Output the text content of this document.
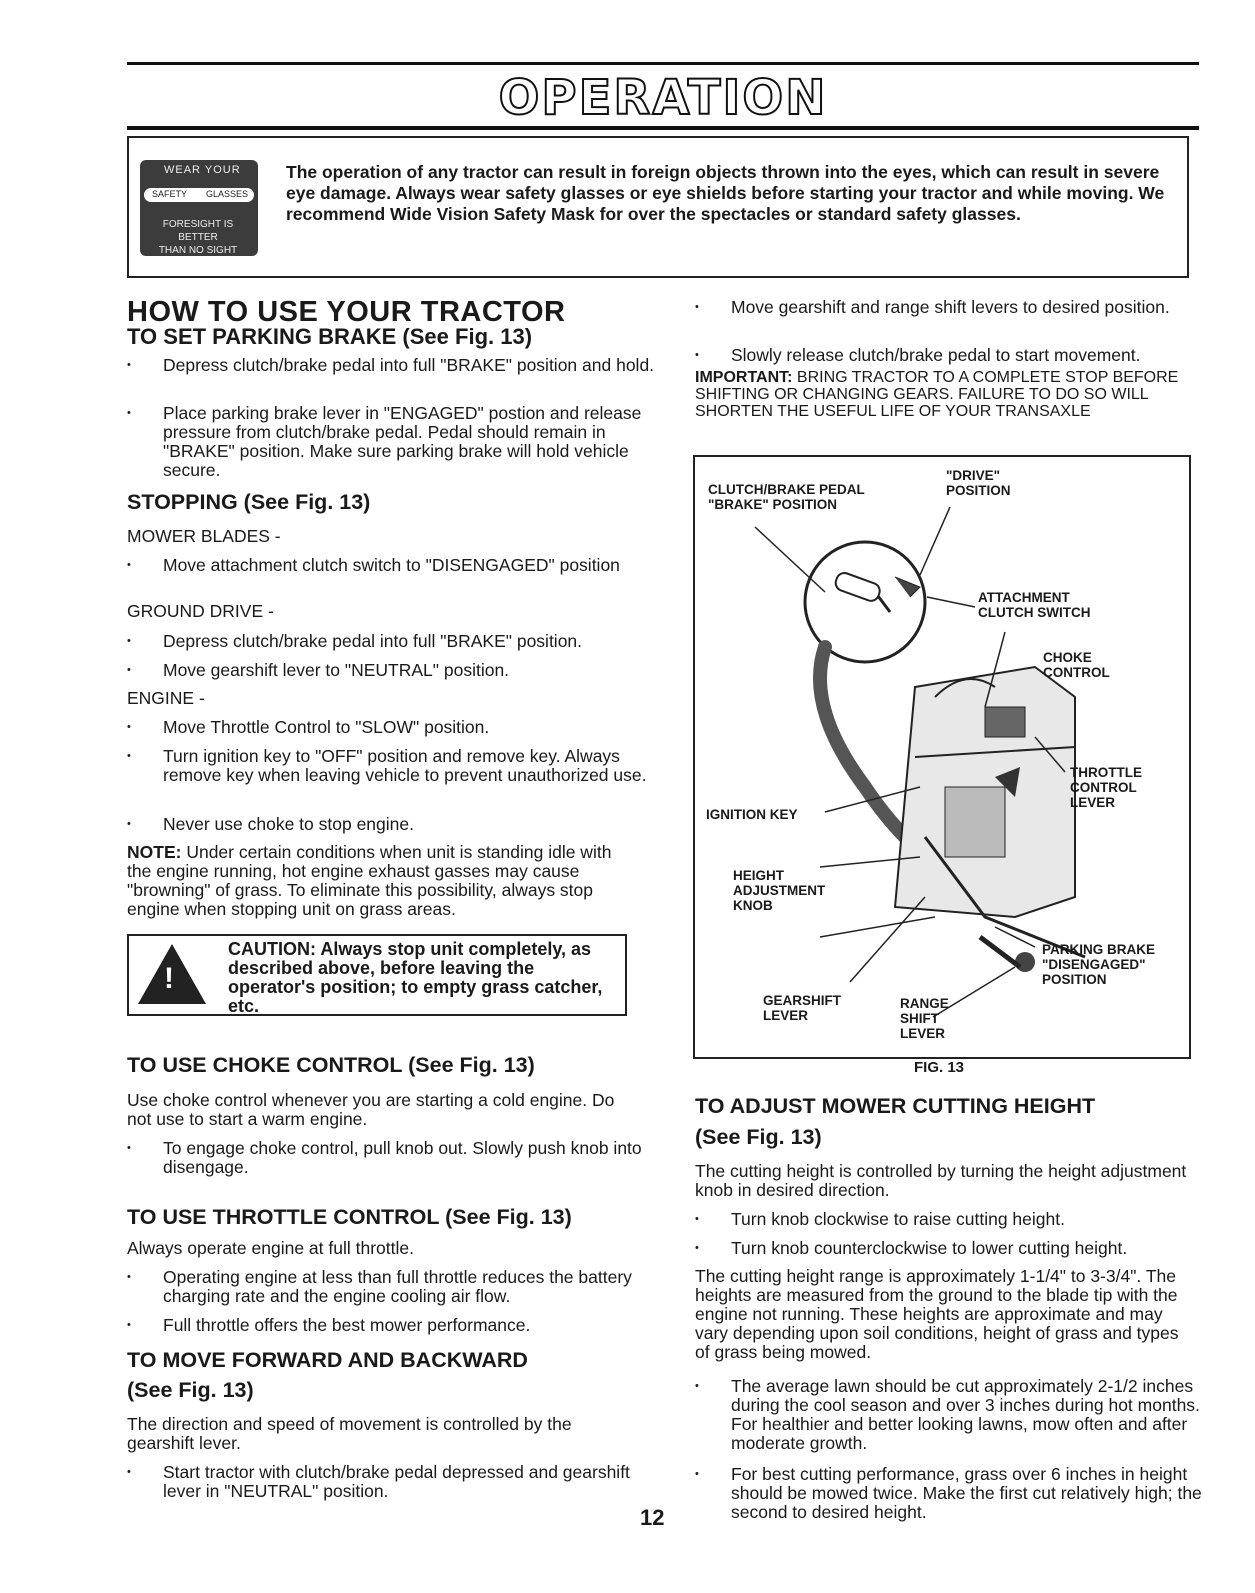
OPERATION
WEAR YOUR
SAFETY GLASSES
FORESIGHT IS BETTER
THAN NO SIGHT
The operation of any tractor can result in foreign objects thrown into the eyes, which can result in severe eye damage. Always wear safety glasses or eye shields before starting your tractor and while moving. We recommend Wide Vision Safety Mask for over the spectacles or standard safety glasses.
HOW TO USE YOUR TRACTOR
TO SET PARKING BRAKE (See Fig. 13)
• Depress clutch/brake pedal into full "BRAKE" position and hold.
• Place parking brake lever in "ENGAGED" postion and release pressure from clutch/brake pedal. Pedal should remain in "BRAKE" position. Make sure parking brake will hold vehicle secure.
STOPPING (See Fig. 13)
MOWER BLADES -
• Move attachment clutch switch to "DISENGAGED" position
GROUND DRIVE -
• Depress clutch/brake pedal into full "BRAKE" position.
• Move gearshift lever to "NEUTRAL" position.
ENGINE -
• Move Throttle Control to "SLOW" position.
• Turn ignition key to "OFF" position and remove key. Always remove key when leaving vehicle to prevent unauthorized use.
• Never use choke to stop engine.
NOTE: Under certain conditions when unit is standing idle with the engine running, hot engine exhaust gasses may cause "browning" of grass. To eliminate this possibility, always stop engine when stopping unit on grass areas.
!
CAUTION: Always stop unit completely, as described above, before leaving the operator's position; to empty grass catcher, etc.
TO USE CHOKE CONTROL (See Fig. 13)
Use choke control whenever you are starting a cold engine. Do not use to start a warm engine.
• To engage choke control, pull knob out. Slowly push knob into disengage.
TO USE THROTTLE CONTROL (See Fig. 13)
Always operate engine at full throttle.
• Operating engine at less than full throttle reduces the battery charging rate and the engine cooling air flow.
• Full throttle offers the best mower performance.
TO MOVE FORWARD AND BACKWARD
(See Fig. 13)
The direction and speed of movement is controlled by the gearshift lever.
• Start tractor with clutch/brake pedal depressed and gearshift lever in "NEUTRAL" position.
• Move gearshift and range shift levers to desired position.
• Slowly release clutch/brake pedal to start movement.
IMPORTANT: BRING TRACTOR TO A COMPLETE STOP BEFORE SHIFTING OR CHANGING GEARS. FAILURE TO DO SO WILL SHORTEN THE USEFUL LIFE OF YOUR TRANSAXLE
CLUTCH/BRAKE PEDAL
"BRAKE" POSITION
"DRIVE"
POSITION
ATTACHMENT
CLUTCH SWITCH
CHOKE
CONTROL
THROTTLE
CONTROL
LEVER
IGNITION KEY
HEIGHT
ADJUSTMENT
KNOB
PARKING BRAKE
"DISENGAGED"
POSITION
GEARSHIFT
LEVER
RANGE
SHIFT
LEVER
FIG. 13
TO ADJUST MOWER CUTTING HEIGHT
(See Fig. 13)
The cutting height is controlled by turning the height adjustment knob in desired direction.
• Turn knob clockwise to raise cutting height.
• Turn knob counterclockwise to lower cutting height.
The cutting height range is approximately 1-1/4" to 3-3/4". The heights are measured from the ground to the blade tip with the engine not running. These heights are approximate and may vary depending upon soil conditions, height of grass and types of grass being mowed.
• The average lawn should be cut approximately 2-1/2 inches during the cool season and over 3 inches during hot months. For healthier and better looking lawns, mow often and after moderate growth.
• For best cutting performance, grass over 6 inches in height should be mowed twice. Make the first cut relatively high; the second to desired height.
12
